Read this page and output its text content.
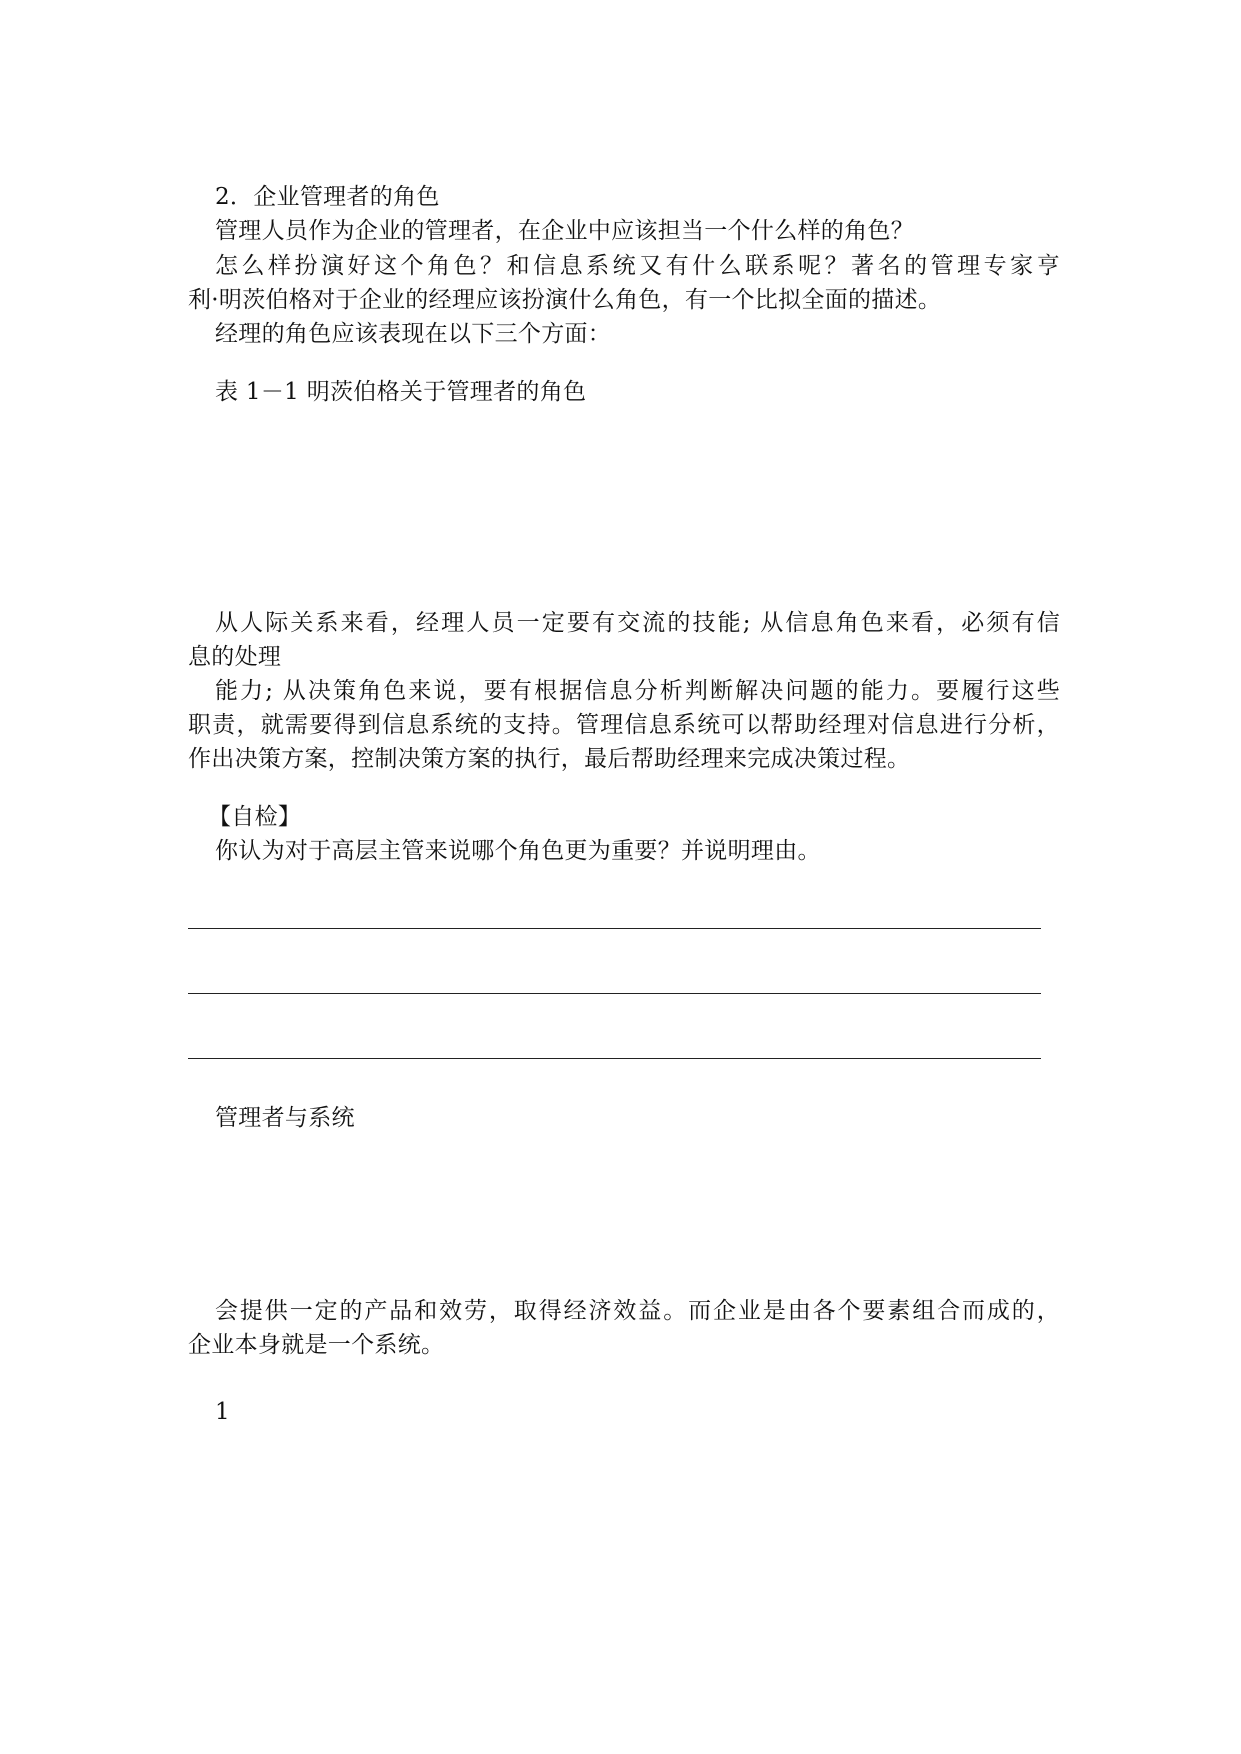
2．企业管理者的角色
管理人员作为企业的管理者，在企业中应该担当一个什么样的角色？
怎么样扮演好这个角色？和信息系统又有什么联系呢？著名的管理专家亨
利·明茨伯格对于企业的经理应该扮演什么角色，有一个比拟全面的描述。
经理的角色应该表现在以下三个方面：
表 1－1 明茨伯格关于管理者的角色
从人际关系来看，经理人员一定要有交流的技能; 从信息角色来看，必须有信
息的处理
能力; 从决策角色来说，要有根据信息分析判断解决问题的能力。要履行这些
职责，就需要得到信息系统的支持。管理信息系统可以帮助经理对信息进行分析，
作出决策方案，控制决策方案的执行，最后帮助经理来完成决策过程。
【自检】
你认为对于高层主管来说哪个角色更为重要？并说明理由。
管理者与系统
会提供一定的产品和效劳，取得经济效益。而企业是由各个要素组合而成的，
企业本身就是一个系统。
1
